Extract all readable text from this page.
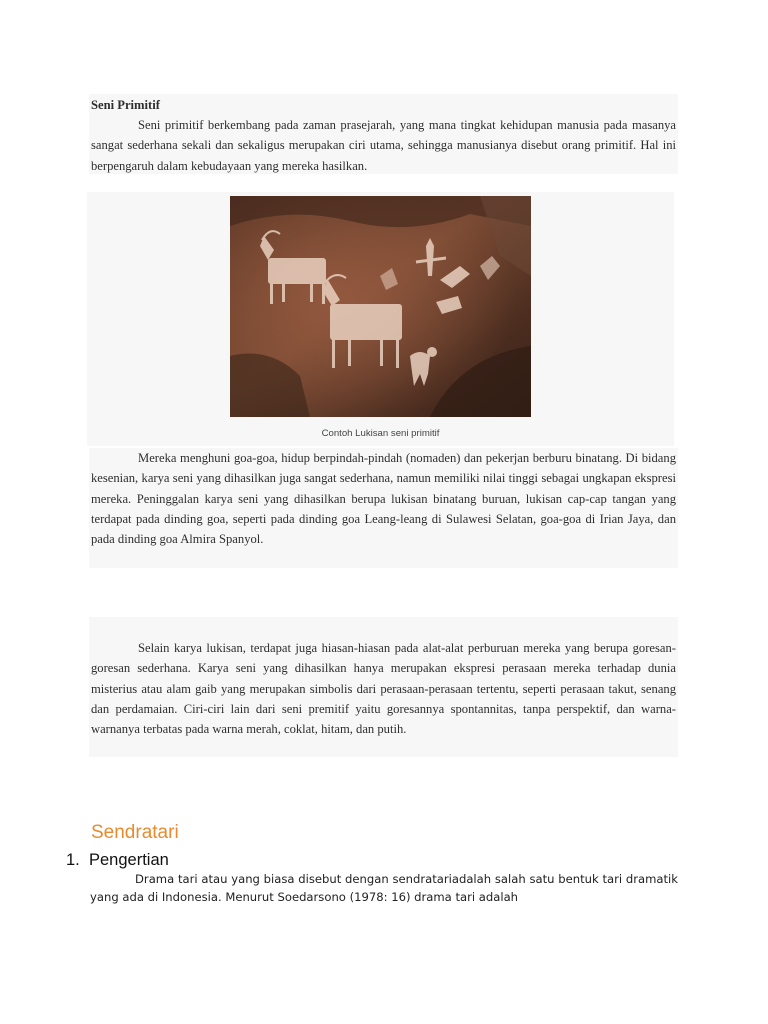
Seni Primitif

Seni primitif berkembang pada zaman prasejarah, yang mana tingkat kehidupan manusia pada masanya sangat sederhana sekali dan sekaligus merupakan ciri utama, sehingga manusianya disebut orang primitif. Hal ini berpengaruh dalam kebudayaan yang mereka hasilkan.

Contoh Lukisan seni primitif

Mereka menghuni goa-goa, hidup berpindah-pindah (nomaden) dan pekerjan berburu binatang. Di bidang kesenian, karya seni yang dihasilkan juga sangat sederhana, namun memiliki nilai tinggi sebagai ungkapan ekspresi mereka. Peninggalan karya seni yang dihasilkan berupa lukisan binatang buruan, lukisan cap-cap tangan yang terdapat pada dinding goa, seperti pada dinding goa Leang-leang di Sulawesi Selatan, goa-goa di Irian Jaya, dan pada dinding goa Almira Spanyol.

Selain karya lukisan, terdapat juga hiasan-hiasan pada alat-alat perburuan mereka yang berupa goresan-goresan sederhana. Karya seni yang dihasilkan hanya merupakan ekspresi perasaan mereka terhadap dunia misterius atau alam gaib yang merupakan simbolis dari perasaan-perasaan tertentu, seperti perasaan takut, senang dan perdamaian. Ciri-ciri lain dari seni premitif yaitu goresannya spontannitas, tanpa perspektif, dan warna-warnanya terbatas pada warna merah, coklat, hitam, dan putih.

Sendratari
1. Pengertian

Drama tari atau yang biasa disebut dengan sendratariadalah salah satu bentuk tari dramatik yang ada di Indonesia. Menurut Soedarsono (1978: 16) drama tari adalah
